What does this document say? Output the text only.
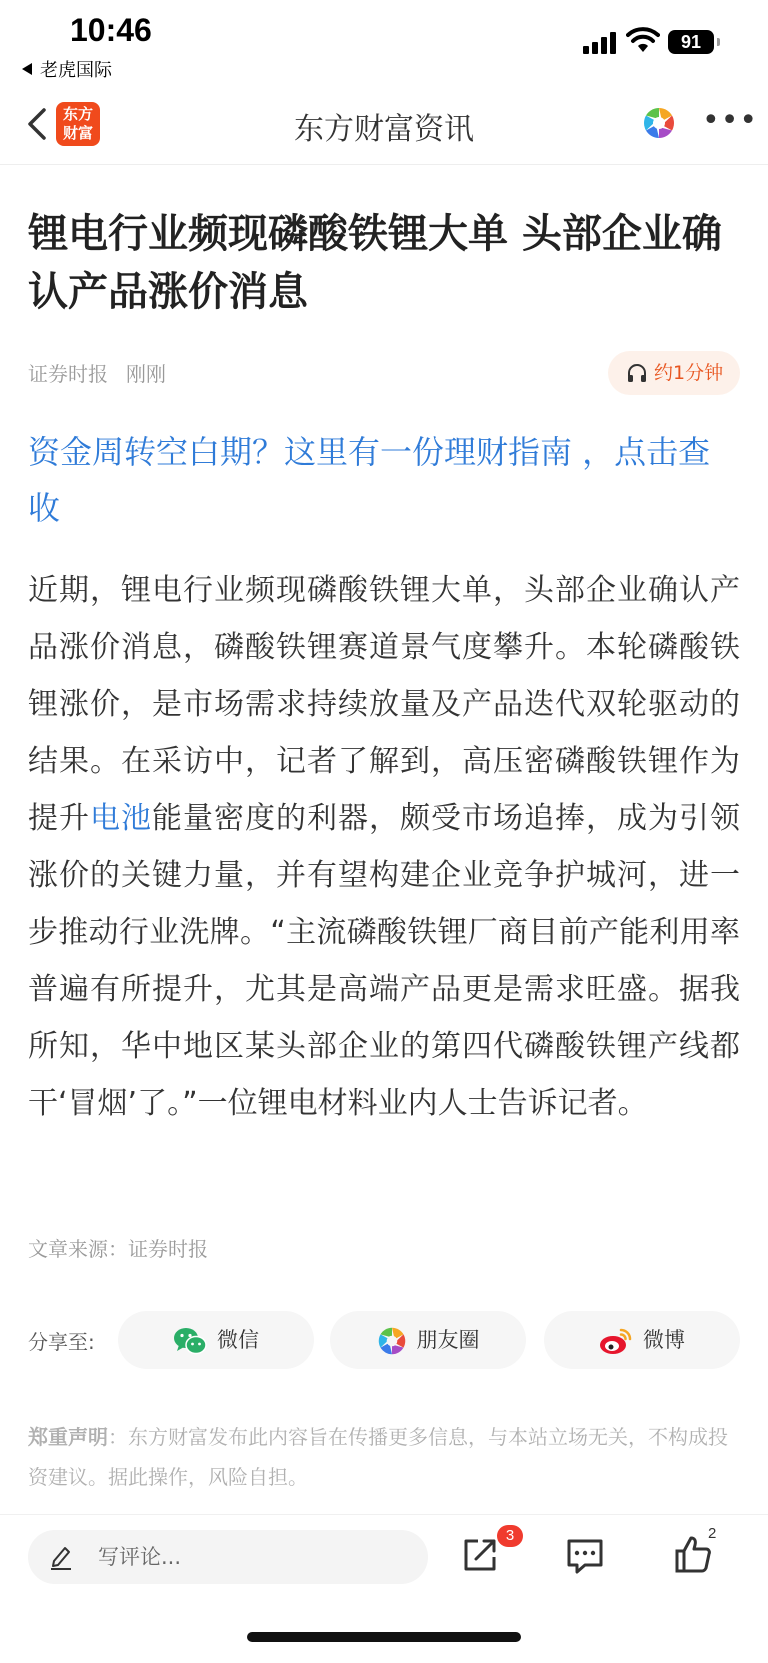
10:46
老虎国际
91
东方
财富	东方财富资讯	•••
锂电行业频现磷酸铁锂大单 头部企业确认产品涨价消息
证券时报 刚刚	约1分钟

资金周转空白期？这里有一份理财指南 ，点击查收

近期，锂电行业频现磷酸铁锂大单，头部企业确认产品涨价消息，磷酸铁锂赛道景气度攀升。本轮磷酸铁锂涨价，是市场需求持续放量及产品迭代双轮驱动的结果。在采访中，记者了解到，高压密磷酸铁锂作为提升电池能量密度的利器，颇受市场追捧，成为引领涨价的关键力量，并有望构建企业竞争护城河，进一步推动行业洗牌。“主流磷酸铁锂厂商目前产能利用率普遍有所提升，尤其是高端产品更是需求旺盛。据我所知，华中地区某头部企业的第四代磷酸铁锂产线都干‘冒烟’了。”一位锂电材料业内人士告诉记者。

文章来源：证券时报
分享至:	微信	朋友圈	微博

郑重声明：东方财富发布此内容旨在传播更多信息，与本站立场无关，不构成投资建议。据此操作，风险自担。

写评论...
3	2
